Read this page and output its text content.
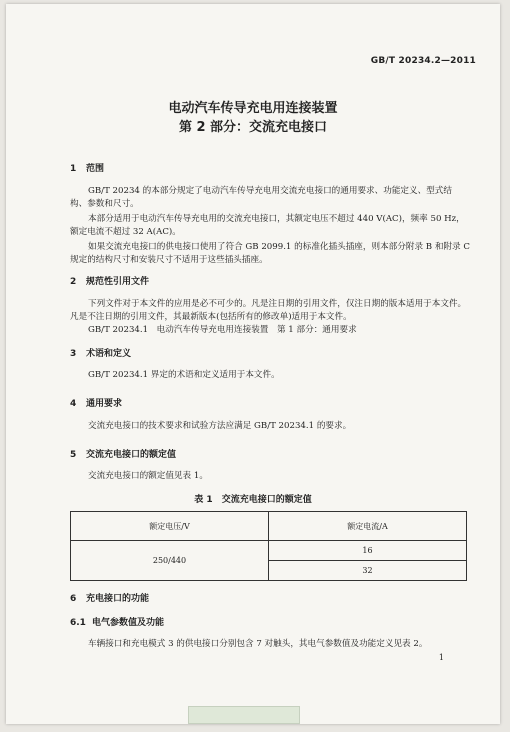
GB/T 20234.2—2011
电动汽车传导充电用连接装置
第 2 部分：交流充电接口
1 范围
GB/T 20234 的本部分规定了电动汽车传导充电用交流充电接口的通用要求、功能定义、型式结
构、参数和尺寸。
本部分适用于电动汽车传导充电用的交流充电接口，其额定电压不超过 440 V(AC)，频率 50 Hz，
额定电流不超过 32 A(AC)。
如果交流充电接口的供电接口使用了符合 GB 2099.1 的标准化插头插座，则本部分附录 B 和附录 C
规定的结构尺寸和安装尺寸不适用于这些插头插座。
2 规范性引用文件
下列文件对于本文件的应用是必不可少的。凡是注日期的引用文件，仅注日期的版本适用于本文件。
凡是不注日期的引用文件，其最新版本(包括所有的修改单)适用于本文件。
GB/T 20234.1　电动汽车传导充电用连接装置　第 1 部分：通用要求
3 术语和定义
GB/T 20234.1 界定的术语和定义适用于本文件。
4 通用要求
交流充电接口的技术要求和试验方法应满足 GB/T 20234.1 的要求。
5 交流充电接口的额定值
交流充电接口的额定值见表 1。
表 1　交流充电接口的额定值
额定电压/V	额定电流/A
250/440	16
	32
6 充电接口的功能
6.1 电气参数值及功能
车辆接口和充电模式 3 的供电接口分别包含 7 对触头，其电气参数值及功能定义见表 2。
1
